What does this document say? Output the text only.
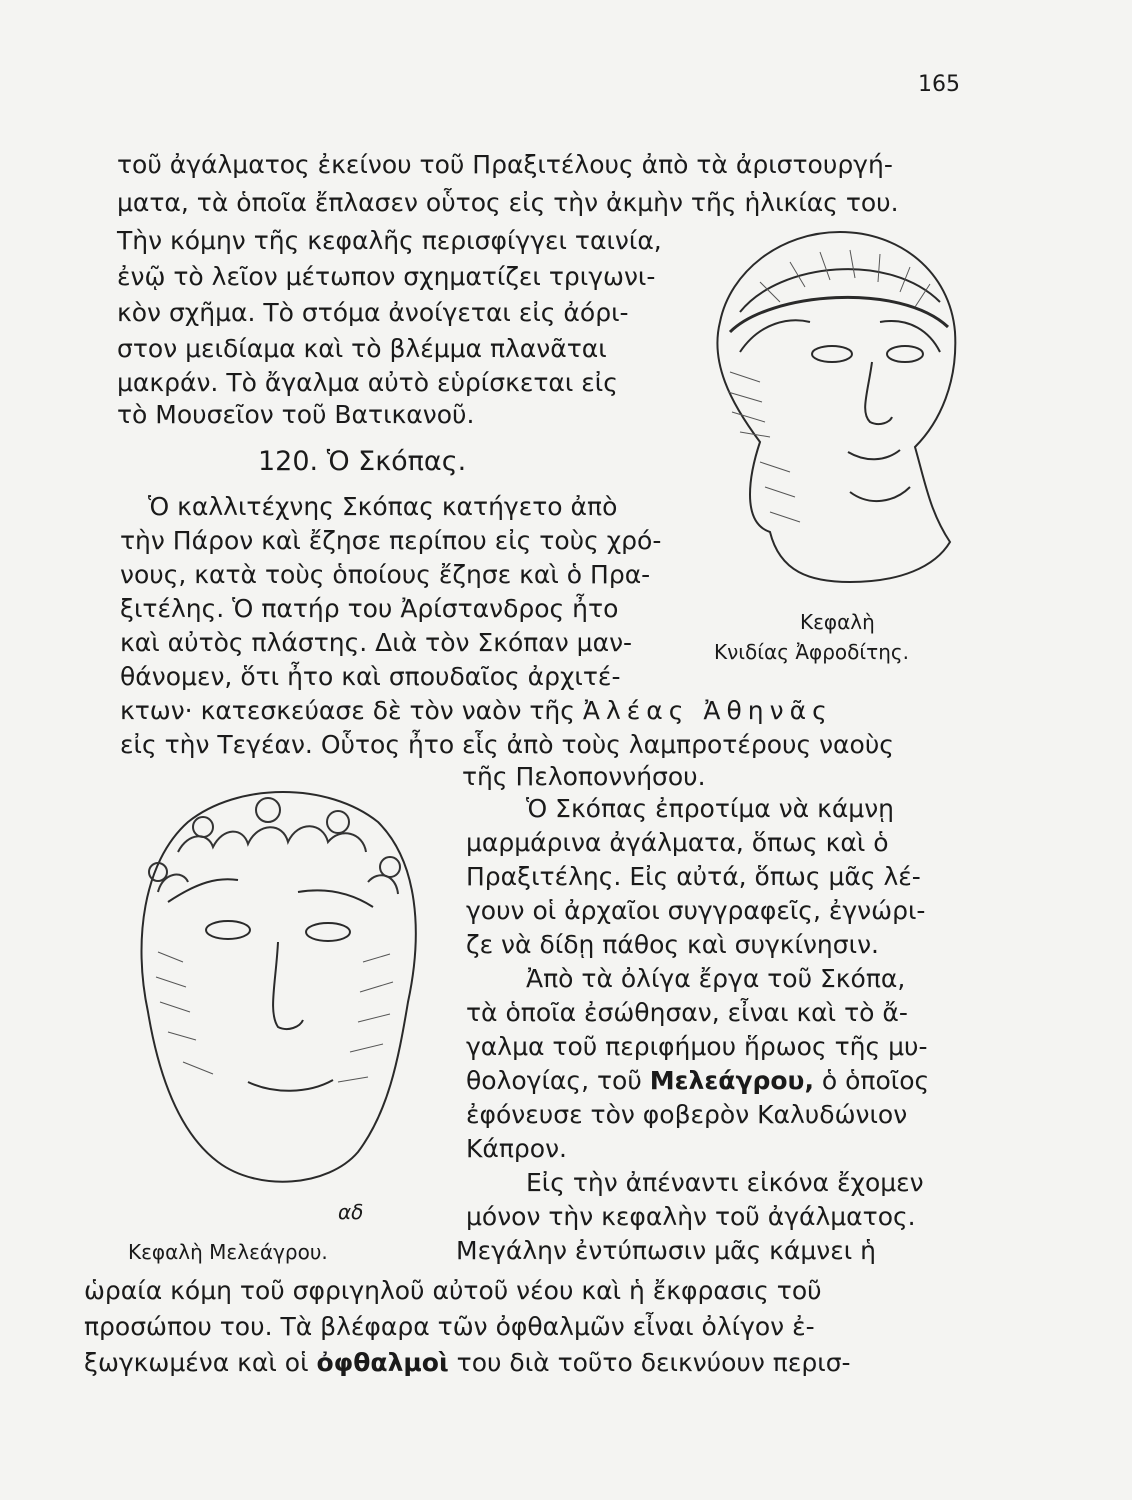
165
τοῦ ἀγάλματος ἐκείνου τοῦ Πραξιτέλους ἀπὸ τὰ ἀριστουργή-
ματα, τὰ ὁποῖα ἔπλασεν οὗτος εἰς τὴν ἀκμὴν τῆς ἡλικίας του.
Τὴν κόμην τῆς κεφαλῆς περισφίγγει ταινία,
ἐνῷ τὸ λεῖον μέτωπον σχηματίζει τριγωνι-
κὸν σχῆμα. Τὸ στόμα ἀνοίγεται εἰς ἀόρι-
στον μειδίαμα καὶ τὸ βλέμμα πλανᾶται
μακράν. Τὸ ἄγαλμα αὐτὸ εὑρίσκεται εἰς
τὸ Μουσεῖον τοῦ Βατικανοῦ.
120. Ὁ Σκόπας.
Ὁ καλλιτέχνης Σκόπας κατήγετο ἀπὸ
τὴν Πάρον καὶ ἔζησε περίπου εἰς τοὺς χρό-
νους, κατὰ τοὺς ὁποίους ἔζησε καὶ ὁ Πρα-
ξιτέλης. Ὁ πατήρ του Ἀρίστανδρος ἦτο
καὶ αὐτὸς πλάστης. Διὰ τὸν Σκόπαν μαν-
θάνομεν, ὅτι ἦτο καὶ σπουδαῖος ἀρχιτέ-
κτων· κατεσκεύασε δὲ τὸν ναὸν τῆς Ἀλέας Ἀθηνᾶς
εἰς τὴν Τεγέαν. Οὗτος ἦτο εἷς ἀπὸ τοὺς λαμπροτέρους ναοὺς
τῆς Πελοποννήσου.
Ὁ Σκόπας ἐπροτίμα νὰ κάμνῃ
μαρμάρινα ἀγάλματα, ὅπως καὶ ὁ
Πραξιτέλης. Εἰς αὐτά, ὅπως μᾶς λέ-
γουν οἱ ἀρχαῖοι συγγραφεῖς, ἐγνώρι-
ζε νὰ δίδῃ πάθος καὶ συγκίνησιν.
Ἀπὸ τὰ ὀλίγα ἔργα τοῦ Σκόπα,
τὰ ὁποῖα ἐσώθησαν, εἶναι καὶ τὸ ἄ-
γαλμα τοῦ περιφήμου ἥρωος τῆς μυ-
θολογίας, τοῦ Μελεάγρου, ὁ ὁποῖος
ἐφόνευσε τὸν φοβερὸν Καλυδώνιον
Κάπρον.
Εἰς τὴν ἀπέναντι εἰκόνα ἔχομεν
μόνον τὴν κεφαλὴν τοῦ ἀγάλματος.
Μεγάλην ἐντύπωσιν μᾶς κάμνει ἡ
ὡραία κόμη τοῦ σφριγηλοῦ αὐτοῦ νέου καὶ ἡ ἔκφρασις τοῦ
προσώπου του. Τὰ βλέφαρα τῶν ὀφθαλμῶν εἶναι ὀλίγον ἐ-
ξωγκωμένα καὶ οἱ ὀφθαλμοὶ του διὰ τοῦτο δεικνύουν περισ-
Κεφαλὴ
Κνιδίας Ἀφροδίτης.
αδ
Κεφαλὴ Μελεάγρου.
